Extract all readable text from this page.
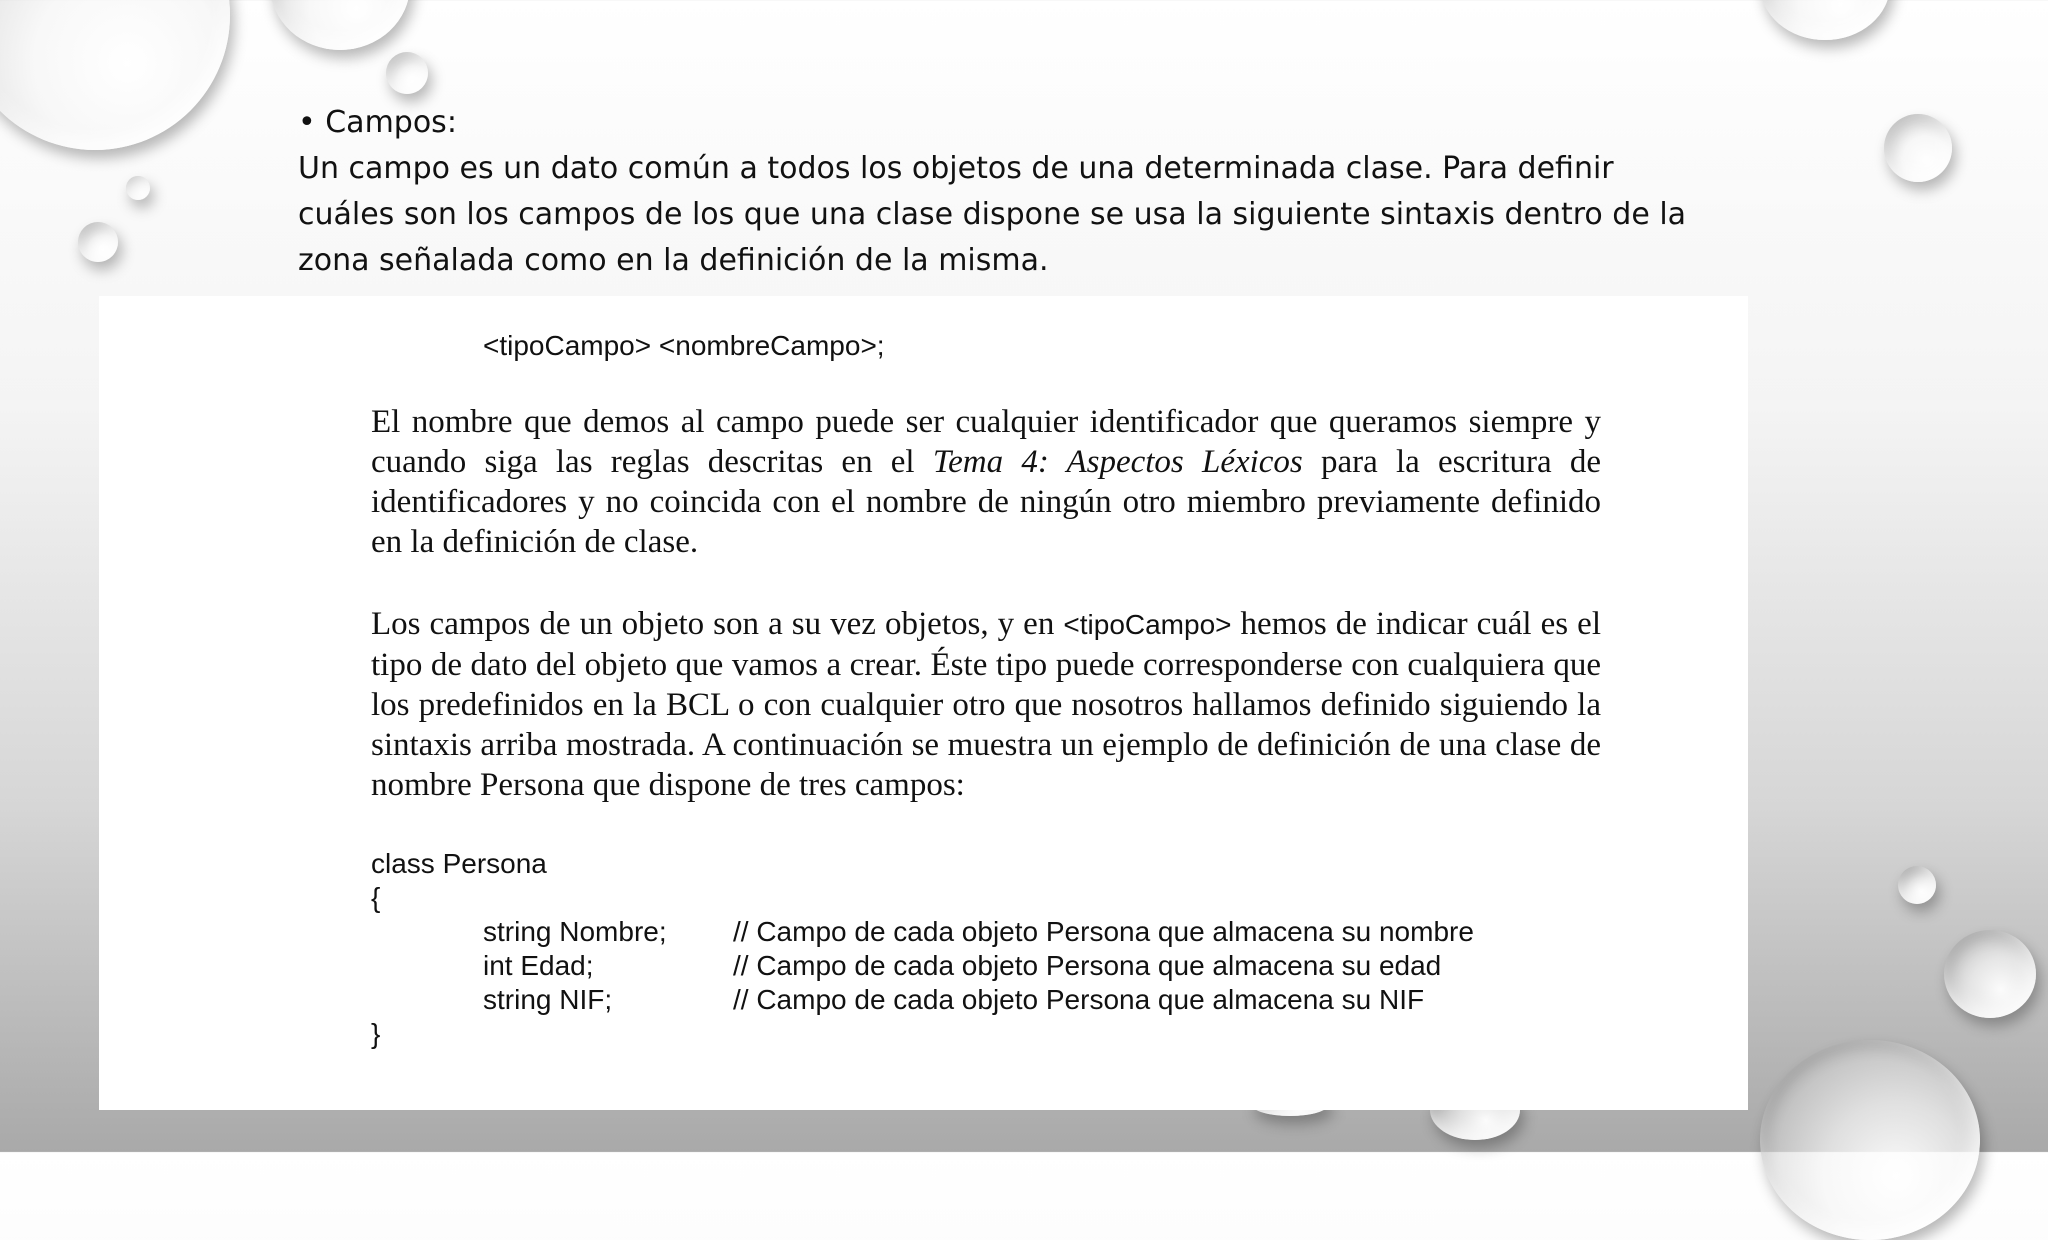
• Campos:
Un campo es un dato común a todos los objetos de una determinada clase. Para definir cuáles son los campos de los que una clase dispone se usa la siguiente sintaxis dentro de la zona señalada como en la definición de la misma.
<tipoCampo> <nombreCampo>;

El nombre que demos al campo puede ser cualquier identificador que queramos siempre y cuando siga las reglas descritas en el Tema 4: Aspectos Léxicos para la escritura de identificadores y no coincida con el nombre de ningún otro miembro previamente definido en la definición de clase.

Los campos de un objeto son a su vez objetos, y en <tipoCampo> hemos de indicar cuál es el tipo de dato del objeto que vamos a crear. Éste tipo puede corresponderse con cualquiera que los predefinidos en la BCL o con cualquier otro que nosotros hallamos definido siguiendo la sintaxis arriba mostrada. A continuación se muestra un ejemplo de definición de una clase de nombre Persona que dispone de tres campos:

class Persona
{
string Nombre;	// Campo de cada objeto Persona que almacena su nombre
int Edad;	// Campo de cada objeto Persona que almacena su edad
string NIF;	// Campo de cada objeto Persona que almacena su NIF
}
